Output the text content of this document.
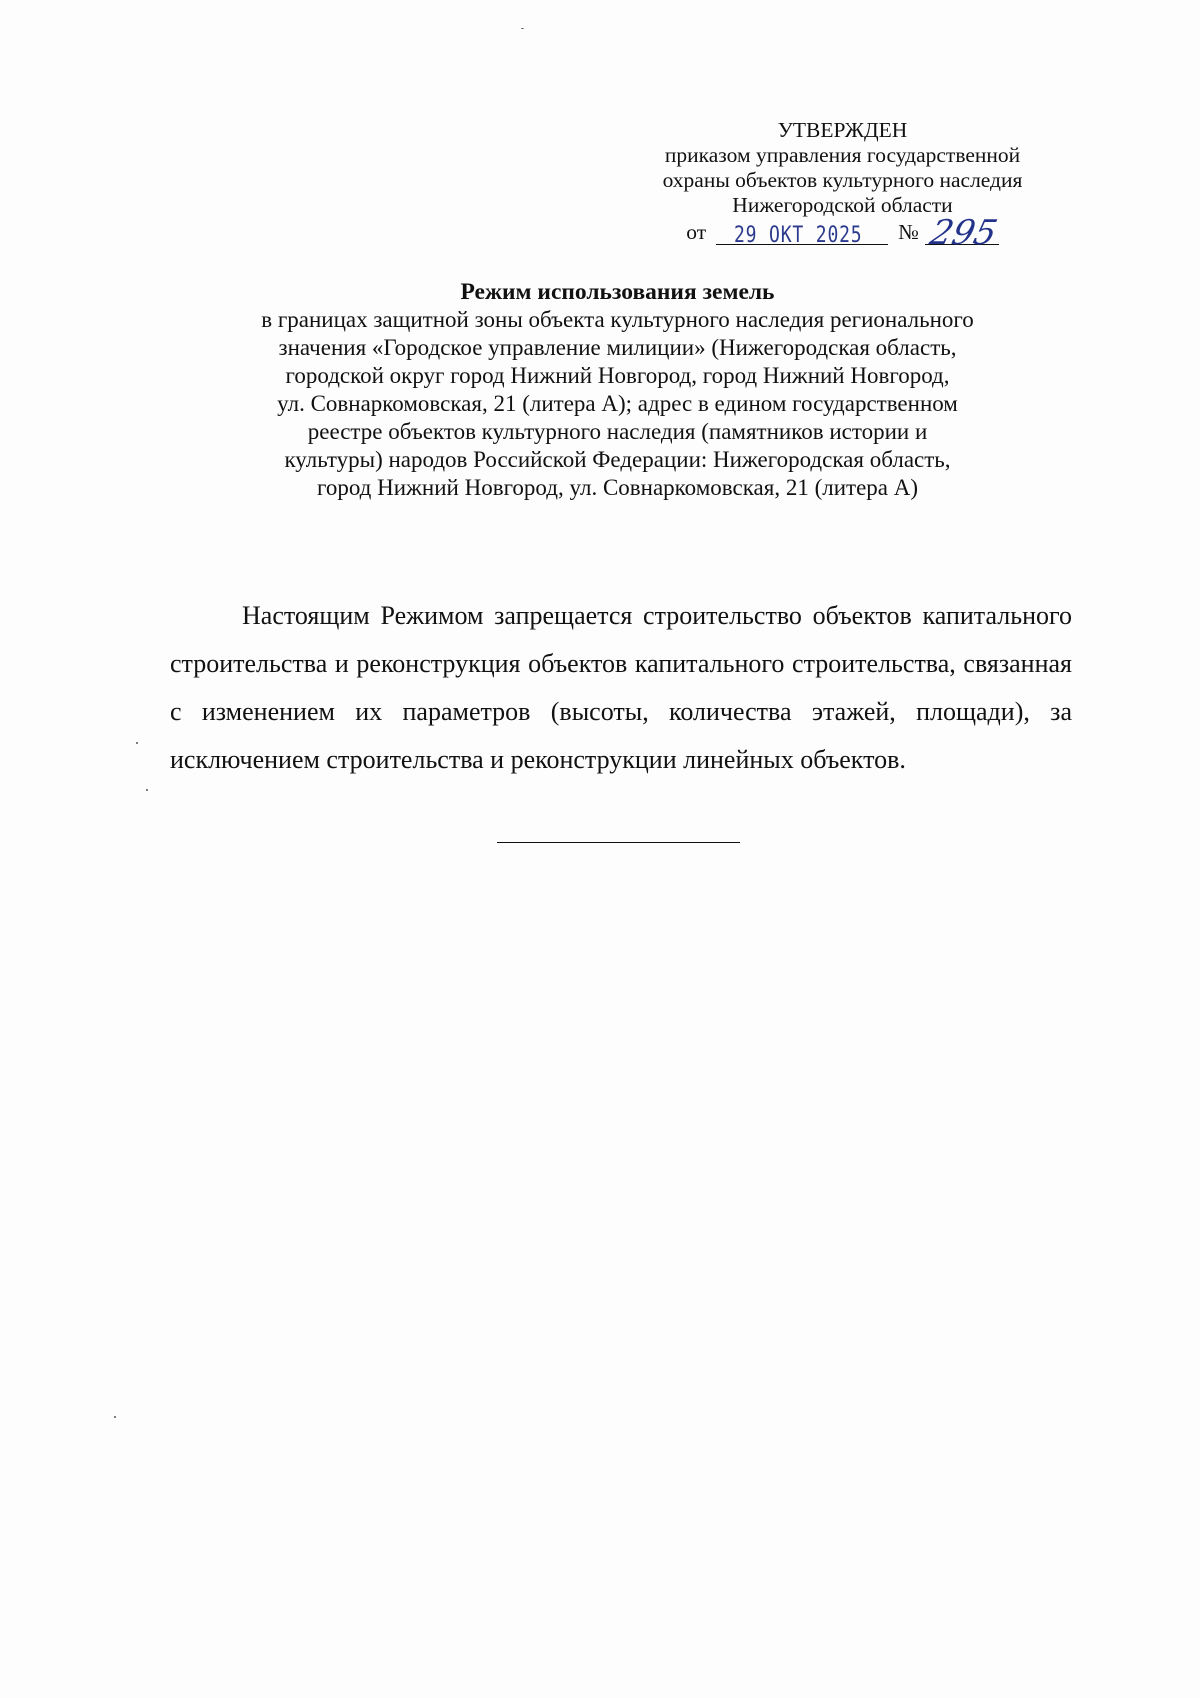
УТВЕРЖДЕН
приказом управления государственной
охраны объектов культурного наследия
Нижегородской области
от 29 ОКТ 2025 № 295
Режим использования земель
в границах защитной зоны объекта культурного наследия регионального
значения «Городское управление милиции» (Нижегородская область,
городской округ город Нижний Новгород, город Нижний Новгород,
ул. Совнаркомовская, 21 (литера А); адрес в едином государственном
реестре объектов культурного наследия (памятников истории и
культуры) народов Российской Федерации: Нижегородская область,
город Нижний Новгород, ул. Совнаркомовская, 21 (литера А)

Настоящим Режимом запрещается строительство объектов капитального строительства и реконструкция объектов капитального строительства, связанная с изменением их параметров (высоты, количества этажей, площади), за исключением строительства и реконструкции линейных объектов.
